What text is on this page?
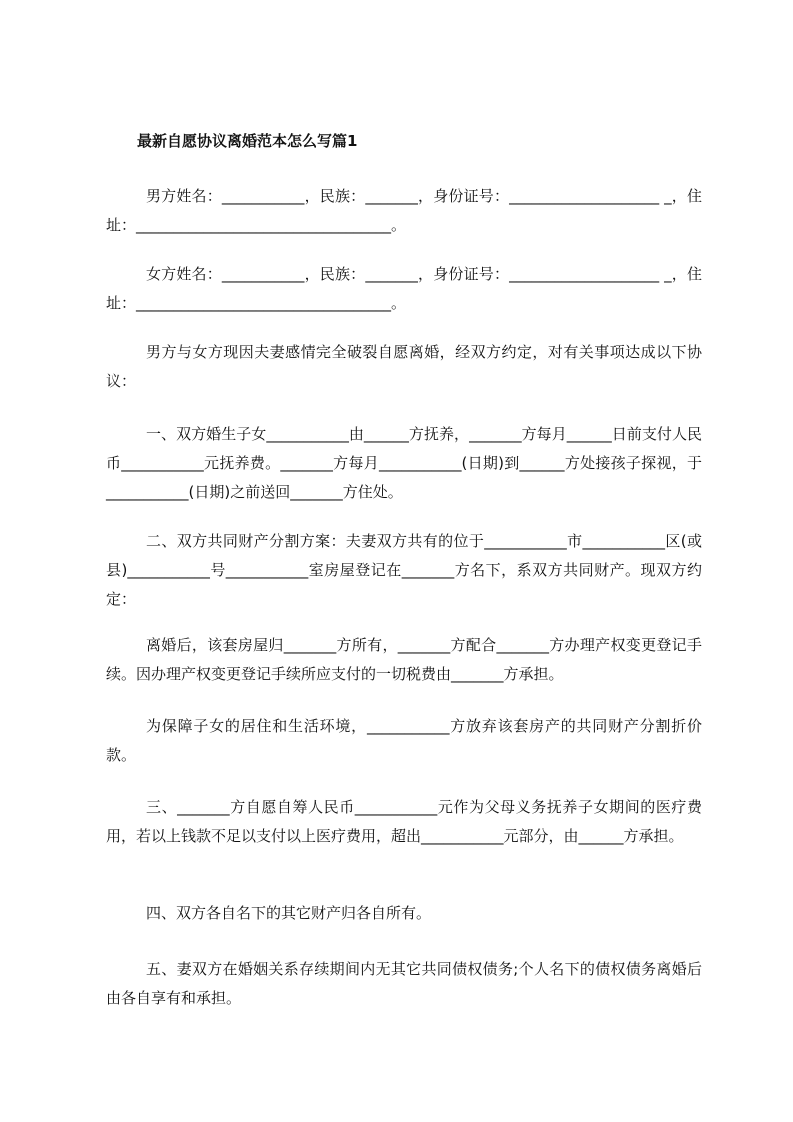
最新自愿协议离婚范本怎么写篇1

男方姓名：___________，民族：_______，身份证号：____________________ _，住址：__________________________________。

女方姓名：___________，民族：_______，身份证号：____________________ _，住址：__________________________________。

男方与女方现因夫妻感情完全破裂自愿离婚，经双方约定，对有关事项达成以下协议：

一、双方婚生子女___________由______方抚养，_______方每月______日前支付人民币___________元抚养费。_______方每月___________(日期)到______方处接孩子探视，于___________(日期)之前送回_______方住处。

二、双方共同财产分割方案：夫妻双方共有的位于___________市___________区(或县)___________号___________室房屋登记在_______方名下，系双方共同财产。现双方约定：

离婚后，该套房屋归_______方所有，_______方配合_______方办理产权变更登记手续。因办理产权变更登记手续所应支付的一切税费由_______方承担。

为保障子女的居住和生活环境，___________方放弃该套房产的共同财产分割折价款。

三、_______方自愿自筹人民币___________元作为父母义务抚养子女期间的医疗费用，若以上钱款不足以支付以上医疗费用，超出___________元部分，由______方承担。

四、双方各自名下的其它财产归各自所有。

五、妻双方在婚姻关系存续期间内无其它共同债权债务;个人名下的债权债务离婚后由各自享有和承担。
